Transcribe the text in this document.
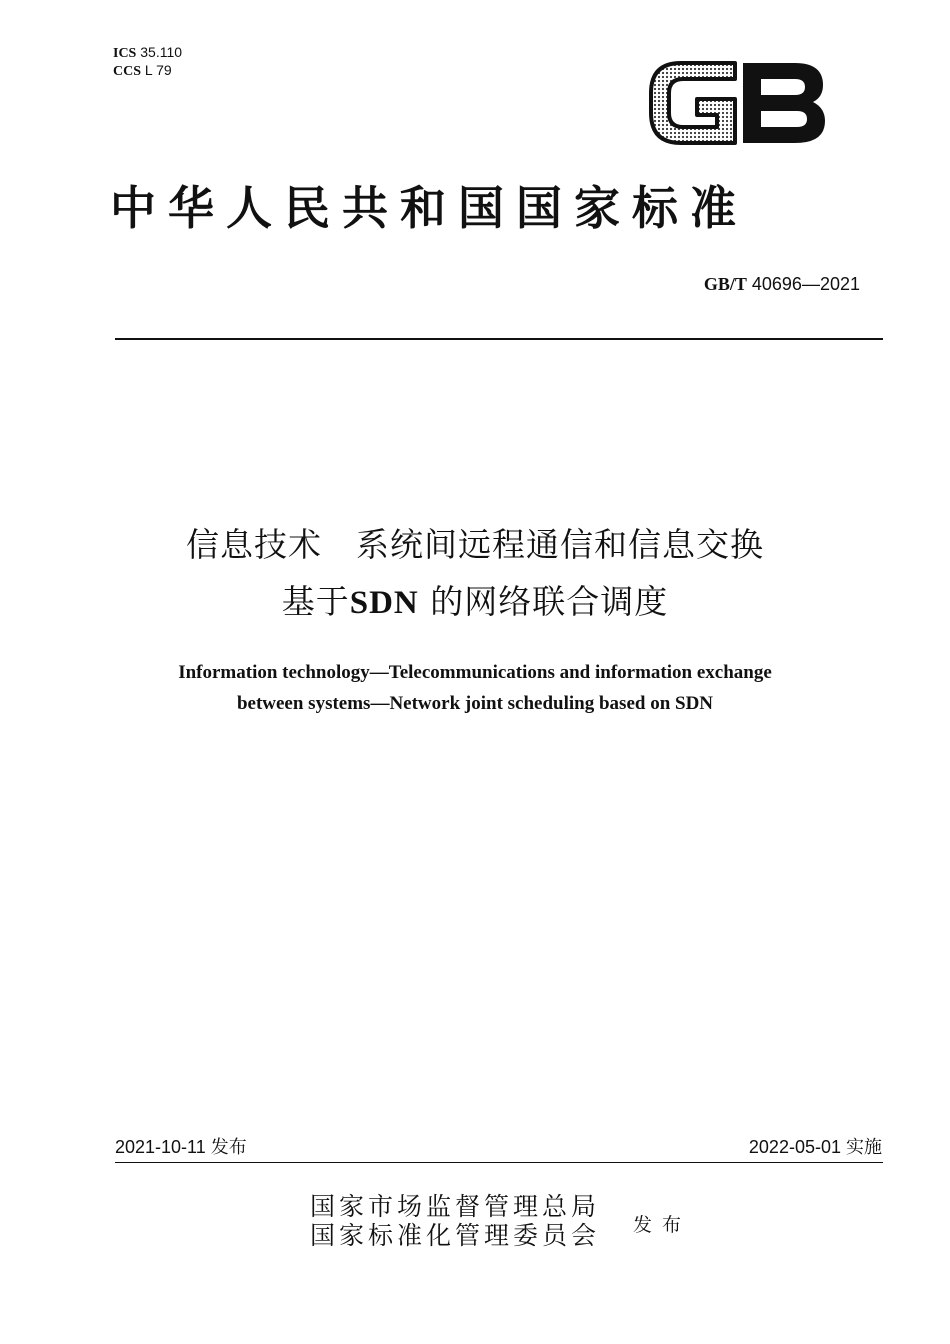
ICS 35.110
CCS L 79
中华人民共和国国家标准
GB/T 40696—2021
信息技术　系统间远程通信和信息交换
基于SDN 的网络联合调度
Information technology—Telecommunications and information exchange
between systems—Network joint scheduling based on SDN
2021-10-11 发布	2022-05-01 实施
国家市场监督管理总局
国家标准化管理委员会 发布
